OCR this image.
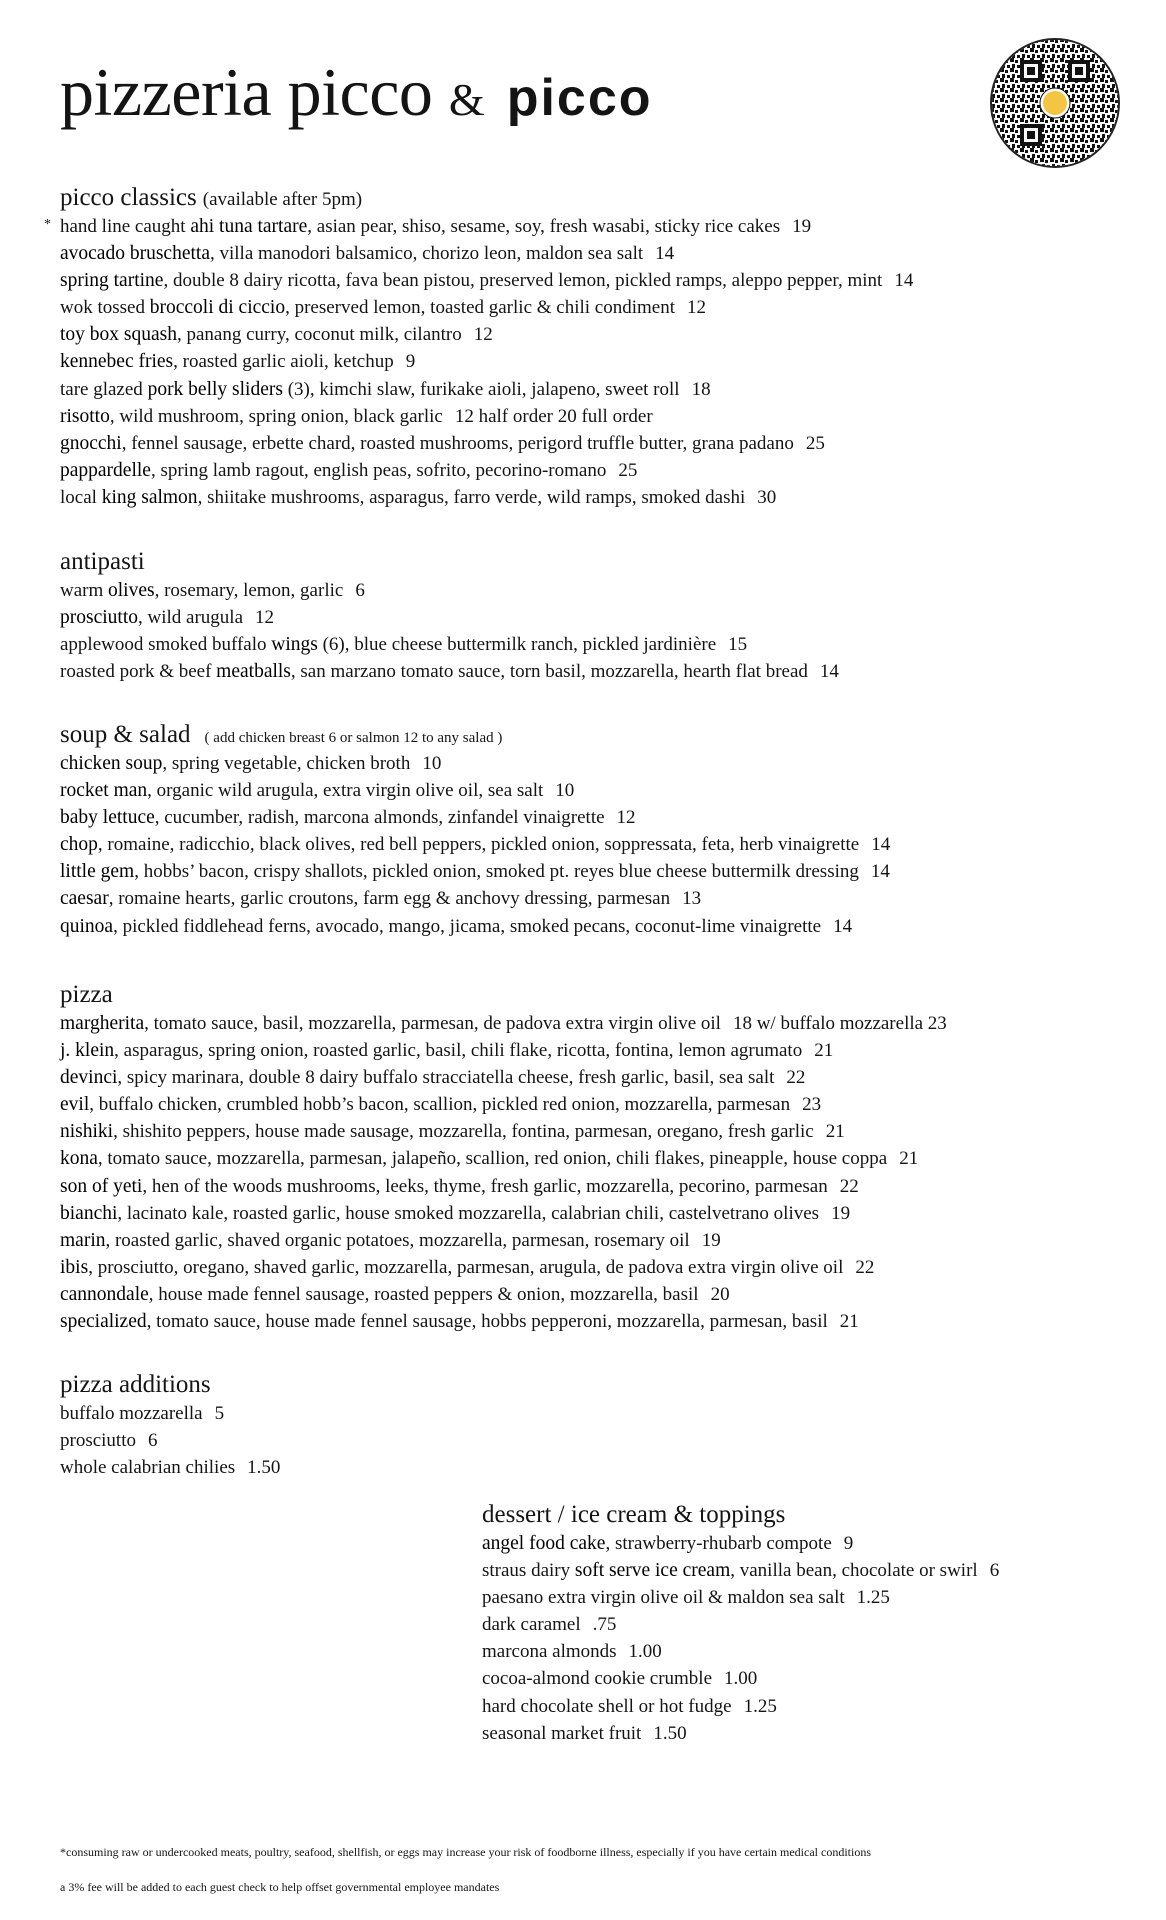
pizzeria picco & picco
picco classics (available after 5pm)
* hand line caught ahi tuna tartare, asian pear, shiso, sesame, soy, fresh wasabi, sticky rice cakes 19
avocado bruschetta, villa manodori balsamico, chorizo leon, maldon sea salt 14
spring tartine, double 8 dairy ricotta, fava bean pistou, preserved lemon, pickled ramps, aleppo pepper, mint 14
wok tossed broccoli di ciccio, preserved lemon, toasted garlic & chili condiment 12
toy box squash, panang curry, coconut milk, cilantro 12
kennebec fries, roasted garlic aioli, ketchup 9
tare glazed pork belly sliders (3), kimchi slaw, furikake aioli, jalapeno, sweet roll 18
risotto, wild mushroom, spring onion, black garlic 12 half order 20 full order
gnocchi, fennel sausage, erbette chard, roasted mushrooms, perigord truffle butter, grana padano 25
pappardelle, spring lamb ragout, english peas, sofrito, pecorino-romano 25
local king salmon, shiitake mushrooms, asparagus, farro verde, wild ramps, smoked dashi 30
antipasti
warm olives, rosemary, lemon, garlic 6
prosciutto, wild arugula 12
applewood smoked buffalo wings (6), blue cheese buttermilk ranch, pickled jardinière 15
roasted pork & beef meatballs, san marzano tomato sauce, torn basil, mozzarella, hearth flat bread 14
soup & salad ( add chicken breast 6 or salmon 12 to any salad )
chicken soup, spring vegetable, chicken broth 10
rocket man, organic wild arugula, extra virgin olive oil, sea salt 10
baby lettuce, cucumber, radish, marcona almonds, zinfandel vinaigrette 12
chop, romaine, radicchio, black olives, red bell peppers, pickled onion, soppressata, feta, herb vinaigrette 14
little gem, hobbs’ bacon, crispy shallots, pickled onion, smoked pt. reyes blue cheese buttermilk dressing 14
caesar, romaine hearts, garlic croutons, farm egg & anchovy dressing, parmesan 13
quinoa, pickled fiddlehead ferns, avocado, mango, jicama, smoked pecans, coconut-lime vinaigrette 14
pizza
margherita, tomato sauce, basil, mozzarella, parmesan, de padova extra virgin olive oil 18 w/ buffalo mozzarella 23
j. klein, asparagus, spring onion, roasted garlic, basil, chili flake, ricotta, fontina, lemon agrumato 21
devinci, spicy marinara, double 8 dairy buffalo stracciatella cheese, fresh garlic, basil, sea salt 22
evil, buffalo chicken, crumbled hobb’s bacon, scallion, pickled red onion, mozzarella, parmesan 23
nishiki, shishito peppers, house made sausage, mozzarella, fontina, parmesan, oregano, fresh garlic 21
kona, tomato sauce, mozzarella, parmesan, jalapeño, scallion, red onion, chili flakes, pineapple, house coppa 21
son of yeti, hen of the woods mushrooms, leeks, thyme, fresh garlic, mozzarella, pecorino, parmesan 22
bianchi, lacinato kale, roasted garlic, house smoked mozzarella, calabrian chili, castelvetrano olives 19
marin, roasted garlic, shaved organic potatoes, mozzarella, parmesan, rosemary oil 19
ibis, prosciutto, oregano, shaved garlic, mozzarella, parmesan, arugula, de padova extra virgin olive oil 22
cannondale, house made fennel sausage, roasted peppers & onion, mozzarella, basil 20
specialized, tomato sauce, house made fennel sausage, hobbs pepperoni, mozzarella, parmesan, basil 21
pizza additions
buffalo mozzarella 5
prosciutto 6
whole calabrian chilies 1.50
dessert / ice cream & toppings
angel food cake, strawberry-rhubarb compote 9
straus dairy soft serve ice cream, vanilla bean, chocolate or swirl 6
paesano extra virgin olive oil & maldon sea salt 1.25
dark caramel .75
marcona almonds 1.00
cocoa-almond cookie crumble 1.00
hard chocolate shell or hot fudge 1.25
seasonal market fruit 1.50
*consuming raw or undercooked meats, poultry, seafood, shellfish, or eggs may increase your risk of foodborne illness, especially if you have certain medical conditions
a 3% fee will be added to each guest check to help offset governmental employee mandates
